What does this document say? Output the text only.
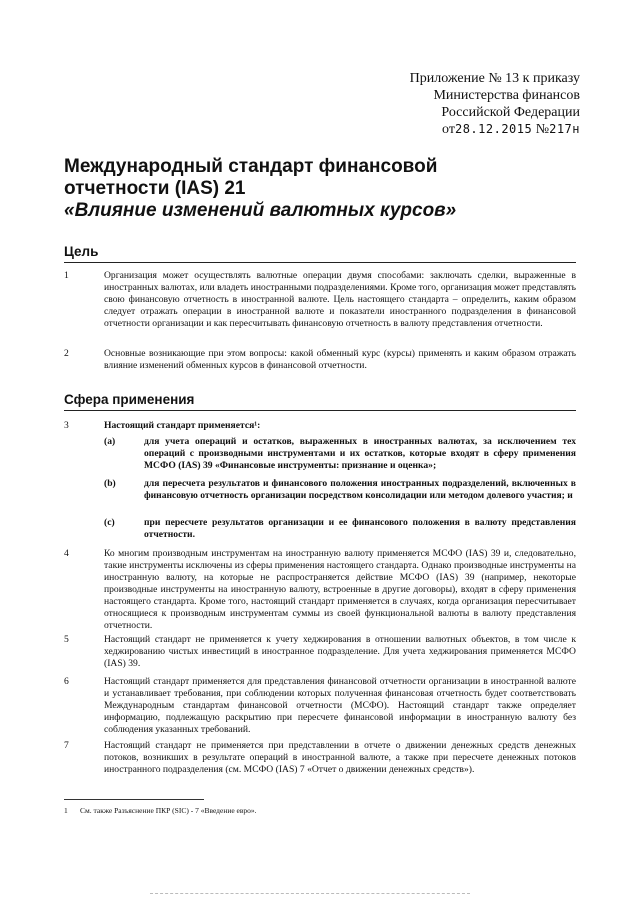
Приложение № 13 к приказу
Министерства финансов
Российской Федерации
от28.12.2015 №217н
Международный стандарт финансовой
отчетности (IAS) 21
«Влияние изменений валютных курсов»
Цель
1	Организация может осуществлять валютные операции двумя способами: заключать сделки, выраженные в иностранных валютах, или владеть иностранными подразделениями. Кроме того, организация может представлять свою финансовую отчетность в иностранной валюте. Цель настоящего стандарта – определить, каким образом следует отражать операции в иностранной валюте и показатели иностранного подразделения в финансовой отчетности организации и как пересчитывать финансовую отчетность в валюту представления отчетности.
2	Основные возникающие при этом вопросы: какой обменный курс (курсы) применять и каким образом отражать влияние изменений обменных курсов в финансовой отчетности.
Сфера применения
3	Настоящий стандарт применяется¹:
(a)	для учета операций и остатков, выраженных в иностранных валютах, за исключением тех операций с производными инструментами и их остатков, которые входят в сферу применения МСФО (IAS) 39 «Финансовые инструменты: признание и оценка»;
(b)	для пересчета результатов и финансового положения иностранных подразделений, включенных в финансовую отчетность организации посредством консолидации или методом долевого участия; и
(c)	при пересчете результатов организации и ее финансового положения в валюту представления отчетности.
4	Ко многим производным инструментам на иностранную валюту применяется МСФО (IAS) 39 и, следовательно, такие инструменты исключены из сферы применения настоящего стандарта. Однако производные инструменты на иностранную валюту, на которые не распространяется действие МСФО (IAS) 39 (например, некоторые производные инструменты на иностранную валюту, встроенные в другие договоры), входят в сферу применения настоящего стандарта. Кроме того, настоящий стандарт применяется в случаях, когда организация пересчитывает относящиеся к производным инструментам суммы из своей функциональной валюты в валюту представления отчетности.
5	Настоящий стандарт не применяется к учету хеджирования в отношении валютных объектов, в том числе к хеджированию чистых инвестиций в иностранное подразделение. Для учета хеджирования применяется МСФО (IAS) 39.
6	Настоящий стандарт применяется для представления финансовой отчетности организации в иностранной валюте и устанавливает требования, при соблюдении которых полученная финансовая отчетность будет соответствовать Международным стандартам финансовой отчетности (МСФО). Настоящий стандарт также определяет информацию, подлежащую раскрытию при пересчете финансовой информации в иностранную валюту без соблюдения указанных требований.
7	Настоящий стандарт не применяется при представлении в отчете о движении денежных средств денежных потоков, возникших в результате операций в иностранной валюте, а также при пересчете денежных потоков иностранного подразделения (см. МСФО (IAS) 7 «Отчет о движении денежных средств»).
1	См. также Разъяснение ПКР (SIC) - 7 «Введение евро».
